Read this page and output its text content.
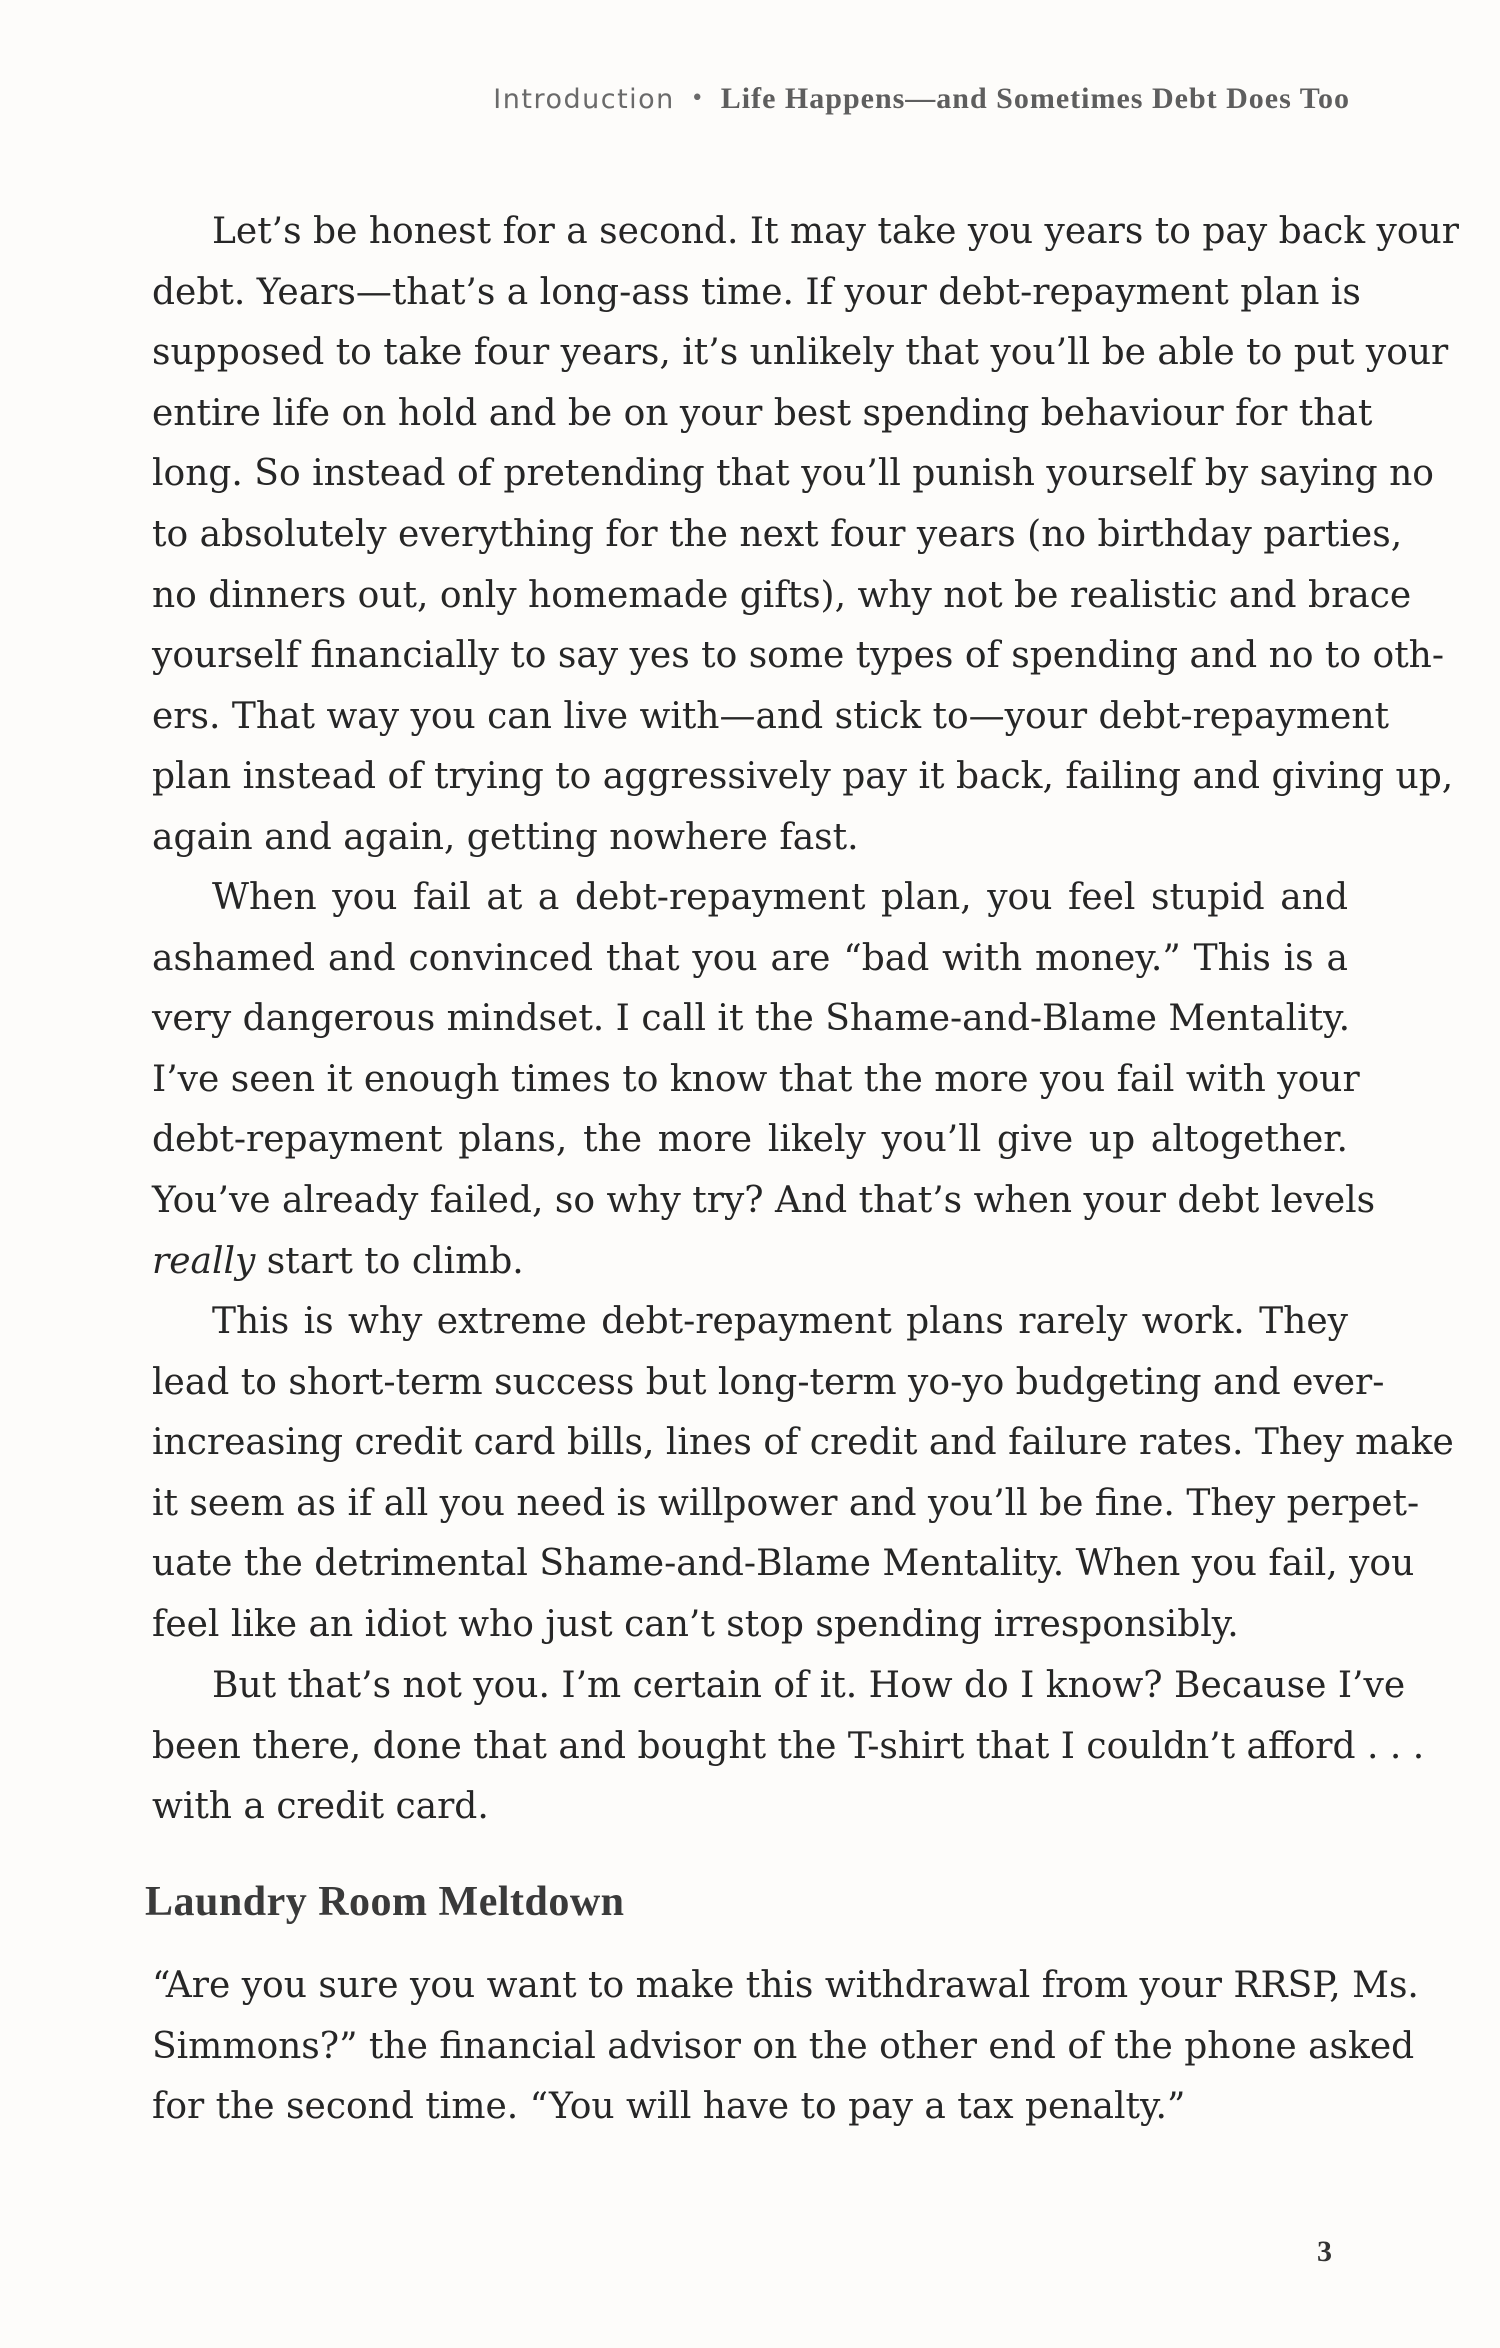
Introduction • Life Happens—and Sometimes Debt Does Too
Let’s be honest for a second. It may take you years to pay back your
debt. Years—that’s a long-ass time. If your debt-repayment plan is
supposed to take four years, it’s unlikely that you’ll be able to put your
entire life on hold and be on your best spending behaviour for that
long. So instead of pretending that you’ll punish yourself by saying no
to absolutely everything for the next four years (no birthday parties,
no dinners out, only homemade gifts), why not be realistic and brace
yourself financially to say yes to some types of spending and no to oth-
ers. That way you can live with—and stick to—your debt-repayment
plan instead of trying to aggressively pay it back, failing and giving up,
again and again, getting nowhere fast.
When you fail at a debt-repayment plan, you feel stupid and
ashamed and convinced that you are “bad with money.” This is a
very dangerous mindset. I call it the Shame-and-Blame Mentality.
I’ve seen it enough times to know that the more you fail with your
debt-repayment plans, the more likely you’ll give up altogether.
You’ve already failed, so why try? And that’s when your debt levels
really start to climb.
This is why extreme debt-repayment plans rarely work. They
lead to short-term success but long-term yo-yo budgeting and ever-
increasing credit card bills, lines of credit and failure rates. They make
it seem as if all you need is willpower and you’ll be fine. They perpet-
uate the detrimental Shame-and-Blame Mentality. When you fail, you
feel like an idiot who just can’t stop spending irresponsibly.
But that’s not you. I’m certain of it. How do I know? Because I’ve
been there, done that and bought the T-shirt that I couldn’t afford . . .
with a credit card.
Laundry Room Meltdown
“Are you sure you want to make this withdrawal from your RRSP, Ms.
Simmons?” the financial advisor on the other end of the phone asked
for the second time. “You will have to pay a tax penalty.”
3
